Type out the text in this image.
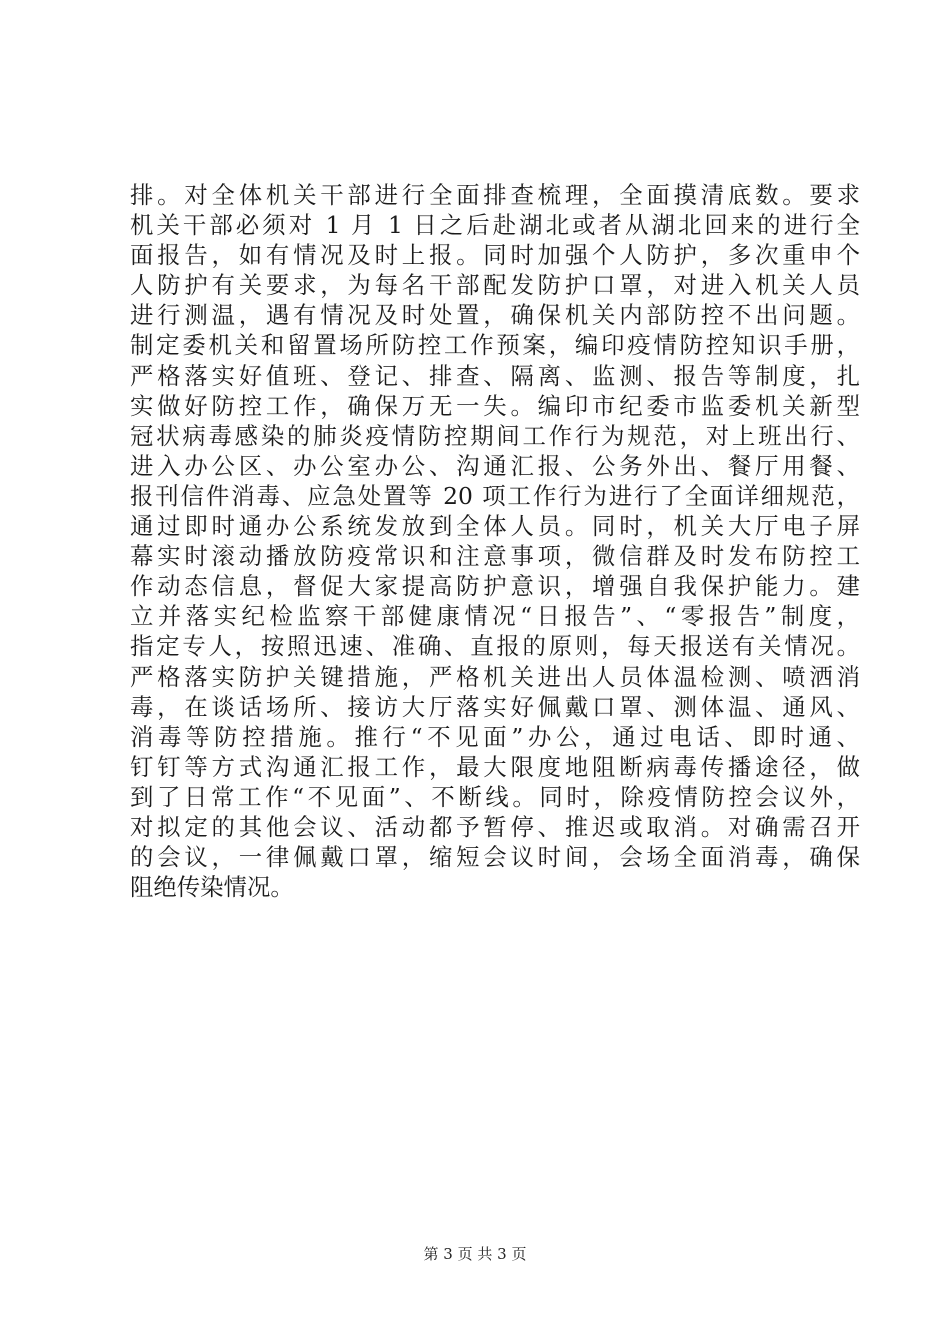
排。对全体机关干部进行全面排查梳理，全面摸清底数。要求
机关干部必须对 1 月 1 日之后赴湖北或者从湖北回来的进行全
面报告，如有情况及时上报。同时加强个人防护，多次重申个
人防护有关要求，为每名干部配发防护口罩，对进入机关人员
进行测温，遇有情况及时处置，确保机关内部防控不出问题。
制定委机关和留置场所防控工作预案，编印疫情防控知识手册，
严格落实好值班、登记、排查、隔离、监测、报告等制度，扎
实做好防控工作，确保万无一失。编印市纪委市监委机关新型
冠状病毒感染的肺炎疫情防控期间工作行为规范，对上班出行、
进入办公区、办公室办公、沟通汇报、公务外出、餐厅用餐、
报刊信件消毒、应急处置等 20 项工作行为进行了全面详细规范，
通过即时通办公系统发放到全体人员。同时，机关大厅电子屏
幕实时滚动播放防疫常识和注意事项，微信群及时发布防控工
作动态信息，督促大家提高防护意识，增强自我保护能力。建
立并落实纪检监察干部健康情况“日报告”、“零报告”制度，
指定专人，按照迅速、准确、直报的原则，每天报送有关情况。
严格落实防护关键措施，严格机关进出人员体温检测、喷洒消
毒，在谈话场所、接访大厅落实好佩戴口罩、测体温、通风、
消毒等防控措施。推行“不见面”办公，通过电话、即时通、
钉钉等方式沟通汇报工作，最大限度地阻断病毒传播途径，做
到了日常工作“不见面”、不断线。同时，除疫情防控会议外，
对拟定的其他会议、活动都予暂停、推迟或取消。对确需召开
的会议，一律佩戴口罩，缩短会议时间，会场全面消毒，确保
阻绝传染情况。
第 3 页 共 3 页
